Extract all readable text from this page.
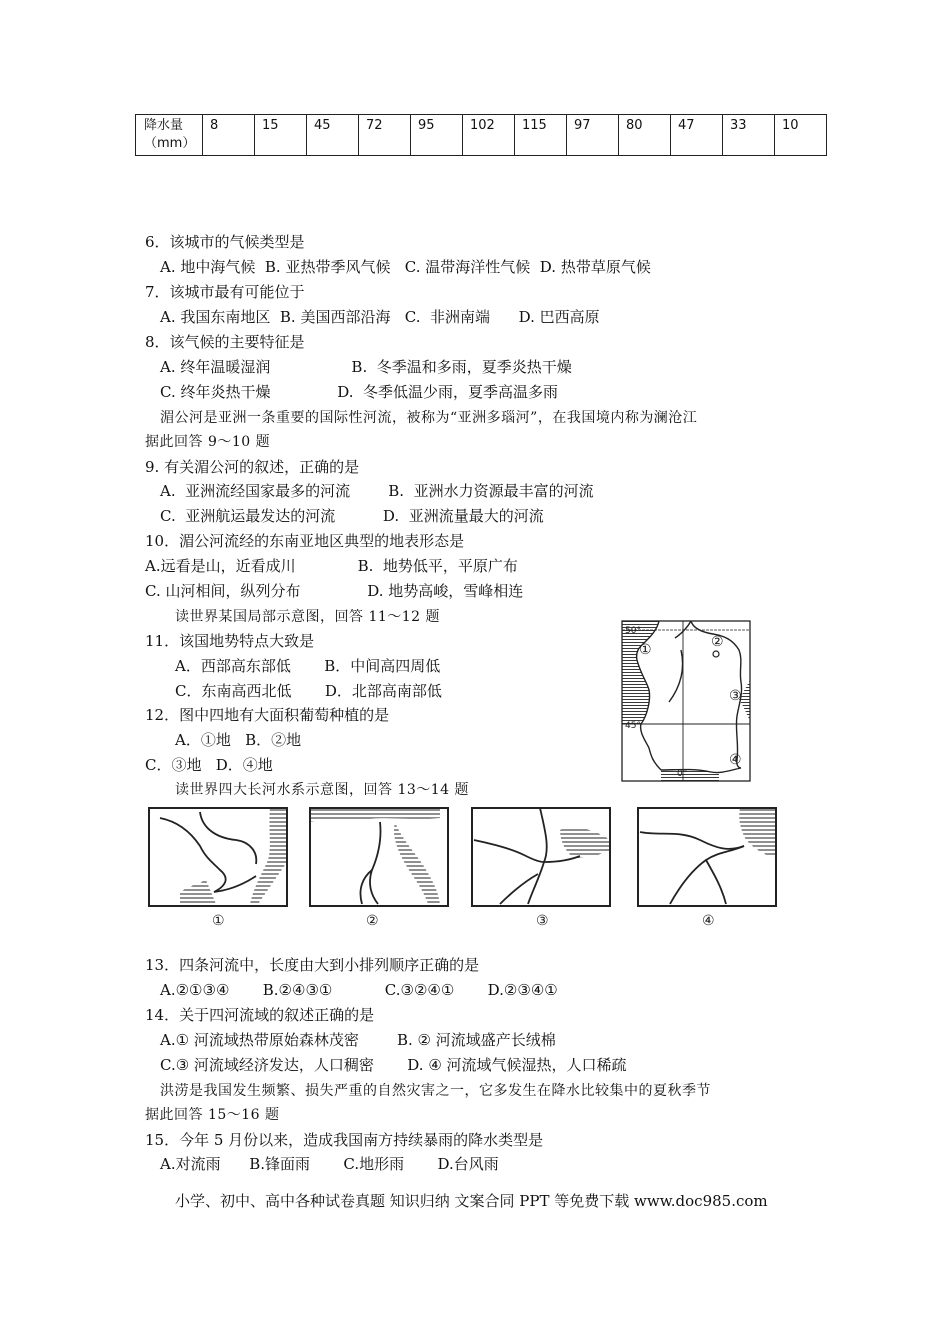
降水量
（mm）
	8	15	45	72	95	102	115	97	80	47	33	10
6．该城市的气候类型是
A. 地中海气候  B. 亚热带季风气候   C. 温带海洋性气候  D. 热带草原气候
7．该城市最有可能位于
A. 我国东南地区  B. 美国西部沿海   C.  非洲南端      D. 巴西高原
8．该气候的主要特征是
A. 终年温暖湿润                 B.  冬季温和多雨，夏季炎热干燥
C. 终年炎热干燥              D.  冬季低温少雨，夏季高温多雨
湄公河是亚洲一条重要的国际性河流，被称为“亚洲多瑙河”，在我国境内称为澜沧江
据此回答 9～10 题
9. 有关湄公河的叙述，正确的是
A.  亚洲流经国家最多的河流        B.  亚洲水力资源最丰富的河流
C.  亚洲航运最发达的河流          D.  亚洲流量最大的河流
10．湄公河流经的东南亚地区典型的地表形态是
A.远看是山，近看成川             B.  地势低平，平原广布
C. 山河相间，纵列分布              D. 地势高峻，雪峰相连
读世界某国局部示意图，回答 11～12 题
11．该国地势特点大致是
A．西部高东部低       B．中间高四周低
C．东南高西北低       D．北部高南部低
12．图中四地有大面积葡萄种植的是
A．①地   B．②地
C．③地   D．④地
50°
45°
0°
①	②
③
④
读世界四大长河水系示意图，回答 13～14 题
①	②	③	④
13．四条河流中，长度由大到小排列顺序正确的是
A.②①③④       B.②④③①           C.③②④①       D.②③④①
14．关于四河流域的叙述正确的是
A.① 河流域热带原始森林茂密        B. ② 河流域盛产长绒棉
C.③ 河流域经济发达，人口稠密       D. ④ 河流域气候湿热，人口稀疏
洪涝是我国发生频繁、损失严重的自然灾害之一，它多发生在降水比较集中的夏秋季节
据此回答 15～16 题
15．今年 5 月份以来，造成我国南方持续暴雨的降水类型是
A.对流雨      B.锋面雨       C.地形雨       D.台风雨
小学、初中、高中各种试卷真题 知识归纳 文案合同 PPT 等免费下载 www.doc985.com
